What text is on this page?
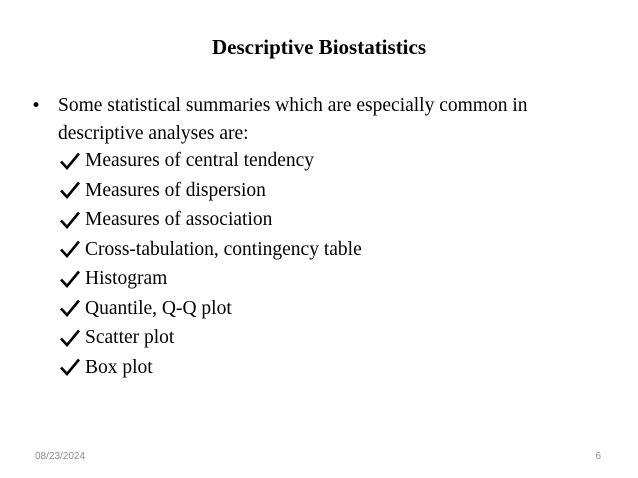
Descriptive Biostatistics
• Some statistical summaries which are especially common in descriptive analyses are:
Measures of central tendency
Measures of dispersion
Measures of association
Cross-tabulation, contingency table
Histogram
Quantile, Q-Q plot
Scatter plot
Box plot
08/23/2024	6
